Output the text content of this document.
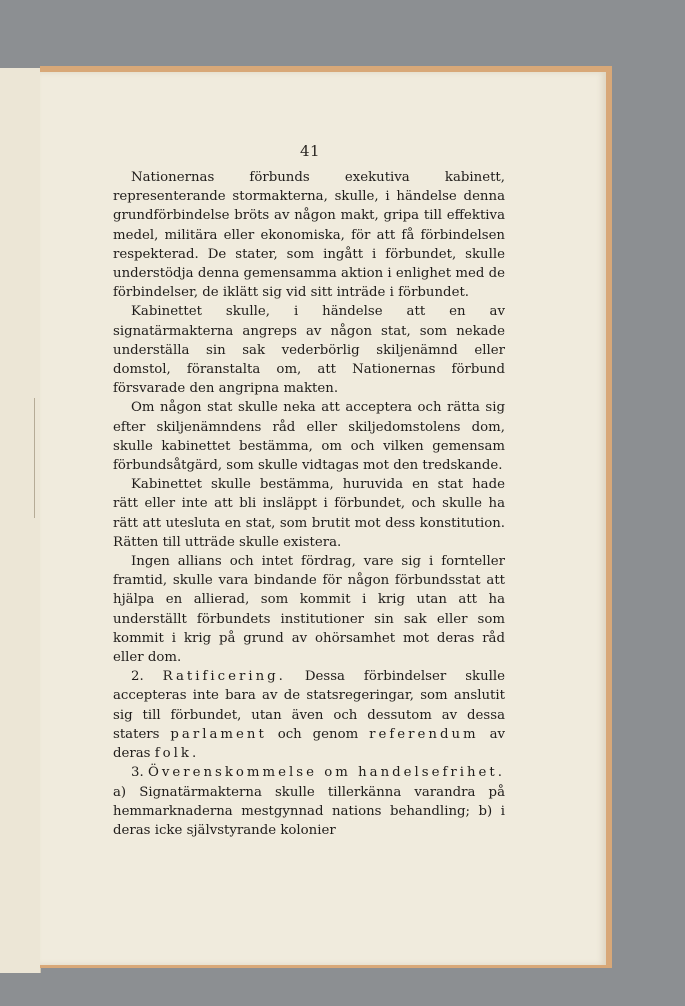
41

Nationernas förbunds exekutiva kabinett, representerande stormakterna, skulle, i händelse denna grundförbindelse bröts av någon makt, gripa till effektiva medel, militära eller ekonomiska, för att få förbindelsen respekterad. De stater, som ingått i förbundet, skulle understödja denna gemensamma aktion i enlighet med de förbindelser, de iklätt sig vid sitt inträde i förbundet.

Kabinettet skulle, i händelse att en av signatärmakterna angreps av någon stat, som nekade underställa sin sak vederbörlig skiljenämnd eller domstol, föranstalta om, att Nationernas förbund försvarade den angripna makten.

Om någon stat skulle neka att acceptera och rätta sig efter skiljenämndens råd eller skiljedomstolens dom, skulle kabinettet bestämma, om och vilken gemensam förbundsåtgärd, som skulle vidtagas mot den tredskande.

Kabinettet skulle bestämma, huruvida en stat hade rätt eller inte att bli insläppt i förbundet, och skulle ha rätt att utesluta en stat, som brutit mot dess konstitution. Rätten till utträde skulle existera.

Ingen allians och intet fördrag, vare sig i fornteller framtid, skulle vara bindande för någon förbundsstat att hjälpa en allierad, som kommit i krig utan att ha underställt förbundets institutioner sin sak eller som kommit i krig på grund av ohörsamhet mot deras råd eller dom.

2. Ratificering. Dessa förbindelser skulle accepteras inte bara av de statsregeringar, som anslutit sig till förbundet, utan även och dessutom av dessa staters parlament och genom referendum av deras folk.

3. Överenskommelse om handelsefrihet. a) Signatärmakterna skulle tillerkänna varandra på hemmarknaderna mestgynnad nations behandling; b) i deras icke självstyrande kolonier
